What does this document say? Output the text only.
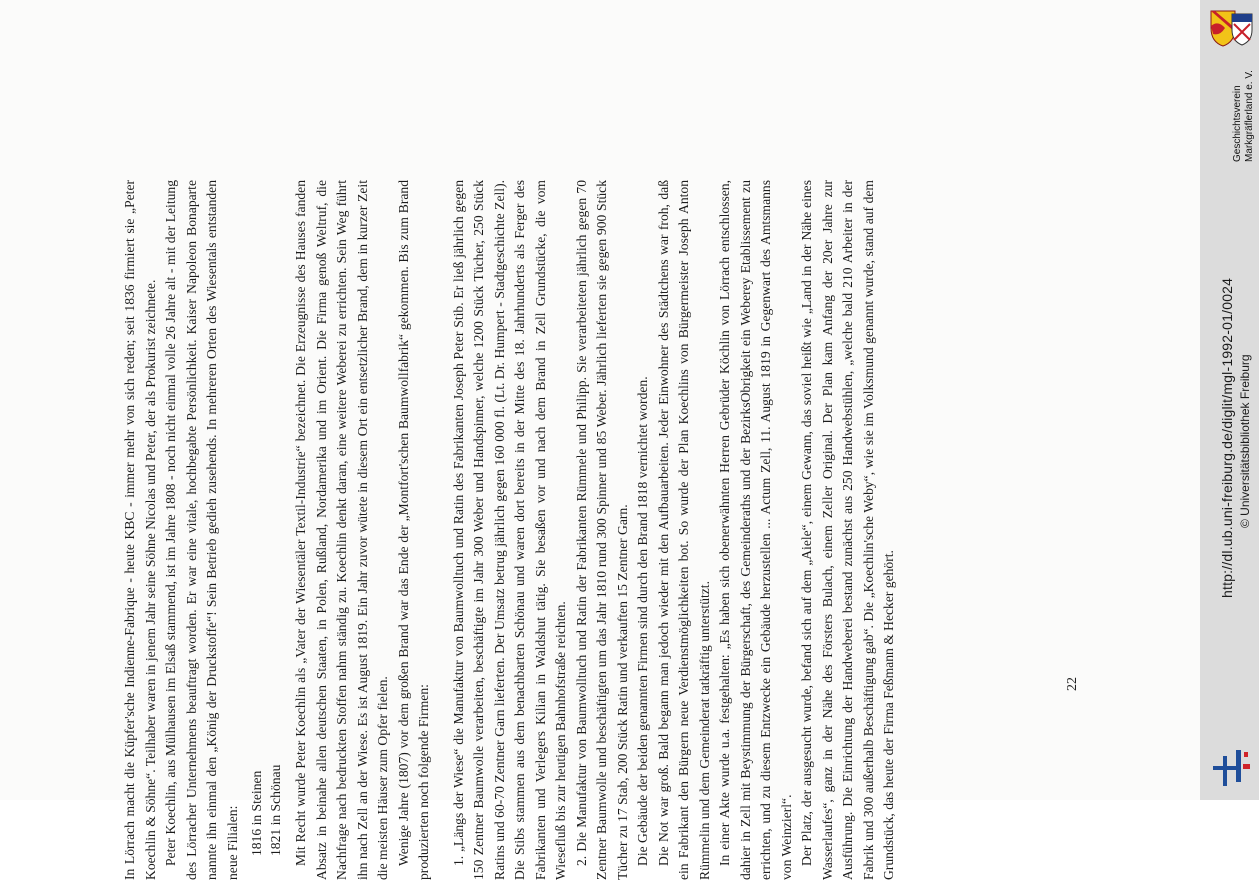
In Lörrach macht die Küpfer'sche Indienne-Fabrique - heute KBC - immer mehr von sich reden; seit 1836 firmiert sie „Peter Koechlin & Söhne“. Teilhaber waren in jenem Jahr seine Söhne Nicolas und Peter, der als Prokurist zeichnete. Peter Koechlin, aus Mülhausen im Elsaß stammend, ist im Jahre 1808 - noch nicht einmal volle 26 Jahre alt - mit der Leitung des Lörracher Unternehmens beauftragt worden. Er war eine vitale, hochbegabte Persönlichkeit. Kaiser Napoleon Bonaparte nannte ihn einmal den „König der Druckstoffe“! Sein Betrieb gedieh zusehends. In mehreren Orten des Wiesentals entstanden neue Filialen: 1816 in Steinen 1821 in Schönau Mit Recht wurde Peter Koechlin als „Vater der Wiesentäler Textil-Industrie“ bezeichnet. Die Erzeugnisse des Hauses fanden Absatz in beinahe allen deutschen Staaten, in Polen, Rußland, Nordamerika und im Orient. Die Firma genoß Weltruf, die Nachfrage nach bedruckten Stoffen nahm ständig zu. Koechlin denkt daran, eine weitere Weberei zu errichten. Sein Weg führt ihn nach Zell an der Wiese. Es ist August 1819. Ein Jahr zuvor wütete in diesem Ort ein entsetzlicher Brand, dem in kurzer Zeit die meisten Häuser zum Opfer fielen. Wenige Jahre (1807) vor dem großen Brand war das Ende der „Montfort'schen Baumwollfabrik“ gekommen. Bis zum Brand produzierten noch folgende Firmen: 1. „Längs der Wiese“ die Manufaktur von Baumwolltuch und Ratin des Fabrikanten Joseph Peter Stib. Er ließ jährlich gegen 150 Zentner Baumwolle verarbeiten, beschäftigte im Jahr 300 Weber und Handspinner, welche 1200 Stück Tücher, 250 Stück Ratins und 60-70 Zentner Garn lieferten. Der Umsatz betrug jährlich gegen 160 000 fl. (Lt. Dr. Humpert - Stadtgeschichte Zell). Die Stibs stammen aus dem benachbarten Schönau und waren dort bereits in der Mitte des 18. Jahrhunderts als Ferger des Fabrikanten und Verlegers Kilian in Waldshut tätig. Sie besaßen vor und nach dem Brand in Zell Grundstücke, die vom Wiesefluß bis zur heutigen Bahnhofstraße reichten. 2. Die Manufaktur von Baumwolltuch und Ratin der Fabrikanten Rümmele und Philipp. Sie verarbeiteten jährlich gegen 70 Zentner Baumwolle und beschäftigten um das Jahr 1810 rund 300 Spinner und 85 Weber. Jährlich lieferten sie gegen 900 Stück Tücher zu 17 Stab, 200 Stück Ratin und verkauften 15 Zentner Garn. Die Gebäude der beiden genannten Firmen sind durch den Brand 1818 vernichtet worden. Die Not war groß. Bald begann man jedoch wieder mit den Aufbauarbeiten. Jeder Einwohner des Städtchens war froh, daß ein Fabrikant den Bürgern neue Verdienstmöglichkeiten bot. So wurde der Plan Koechlins von Bürgermeister Joseph Anton Rümmelin und dem Gemeinderat tatkräftig unterstützt. In einer Akte wurde u.a. festgehalten: „Es haben sich obenerwähnten Herren Gebrüder Köchlin von Lörrach entschlossen, dahier in Zell mit Beystimmung der Bürgerschaft, des Gemeinderaths und der BezirksObrigkeit ein Weberey Etablissement zu errichten, und zu diesem Entzwecke ein Gebäude herzustellen ... Actum Zell, 11. August 1819 in Gegenwart des Amtsmanns von Weinzierl“. Der Platz, der ausgesucht wurde, befand sich auf dem „Aiele“, einem Gewann, das soviel heißt wie „Land in der Nähe eines Wasserlaufes“, ganz in der Nähe des Försters Bulach, einem Zeller Original. Der Plan kam Anfang der 20er Jahre zur Ausführung. Die Einrichtung der Handweberei bestand zunächst aus 250 Handwebstühlen, „welche bald 210 Arbeiter in der Fabrik und 300 außerhalb Beschäftigung gab“. Die „Koechlin'sche Weby“, wie sie im Volksmund genannt wurde, stand auf dem Grundstück, das heute der Firma Feßmann & Hecker gehört.	22
Geschichtsverein Markgräflerland e. V.
http://dl.ub.uni-freiburg.de/diglit/mgl-1992-01/0024 © Universitätsbibliothek Freiburg
